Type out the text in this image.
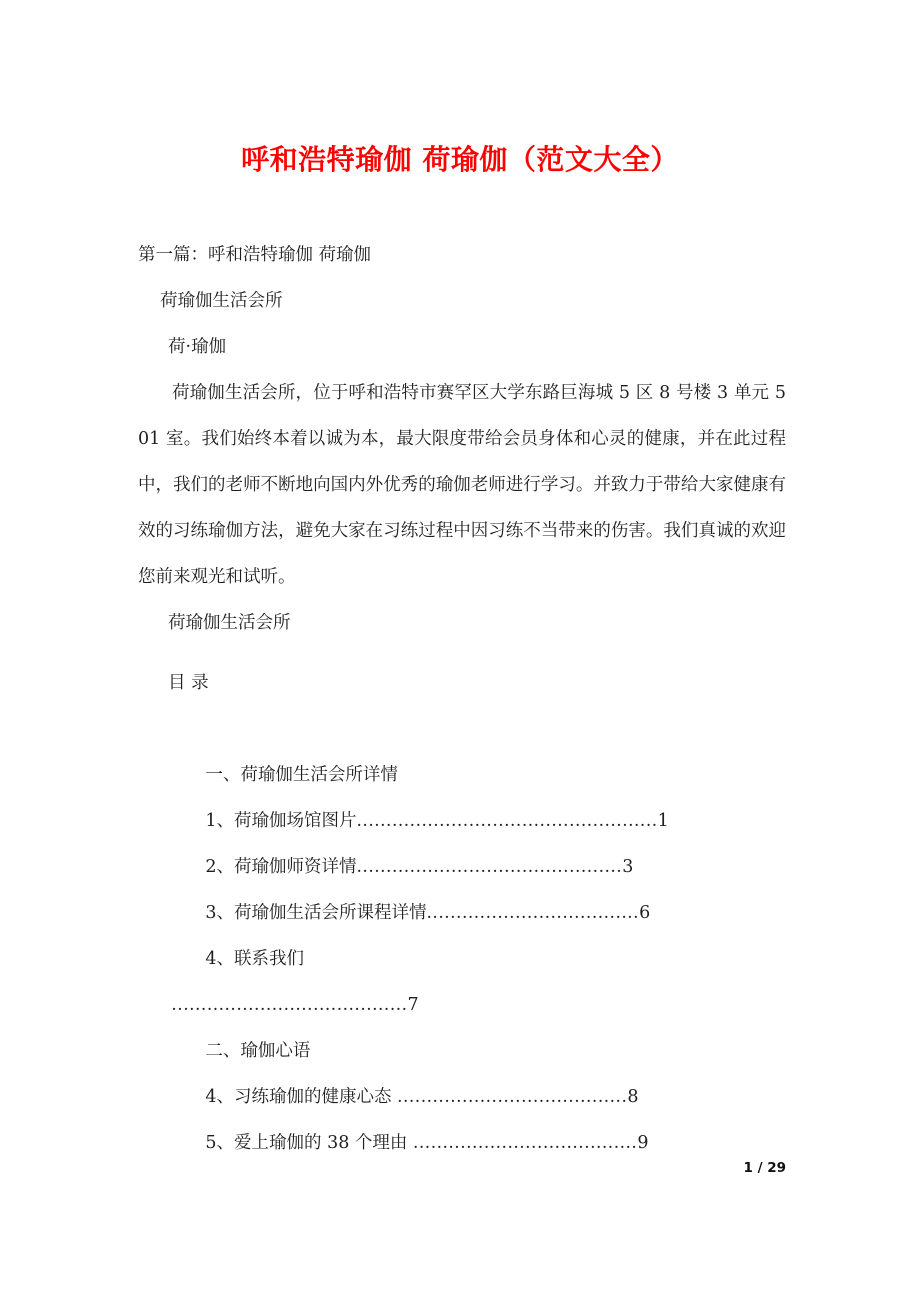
呼和浩特瑜伽 荷瑜伽（范文大全）
第一篇：呼和浩特瑜伽 荷瑜伽
荷瑜伽生活会所
荷·瑜伽
荷瑜伽生活会所，位于呼和浩特市赛罕区大学东路巨海城 5 区 8 号楼 3 单元 501 室。我们始终本着以诚为本，最大限度带给会员身体和心灵的健康，并在此过程中，我们的老师不断地向国内外优秀的瑜伽老师进行学习。并致力于带给大家健康有效的习练瑜伽方法，避免大家在习练过程中因习练不当带来的伤害。我们真诚的欢迎您前来观光和试听。
荷瑜伽生活会所
目 录

一、荷瑜伽生活会所详情

1、荷瑜伽场馆图片...................................................1

2、荷瑜伽师资详情.............................................3

3、荷瑜伽生活会所课程详情....................................6

4、联系我们

........................................7

二、瑜伽心语

4、习练瑜伽的健康心态 .......................................8

5、爱上瑜伽的 38 个理由 ......................................9

1 / 29
